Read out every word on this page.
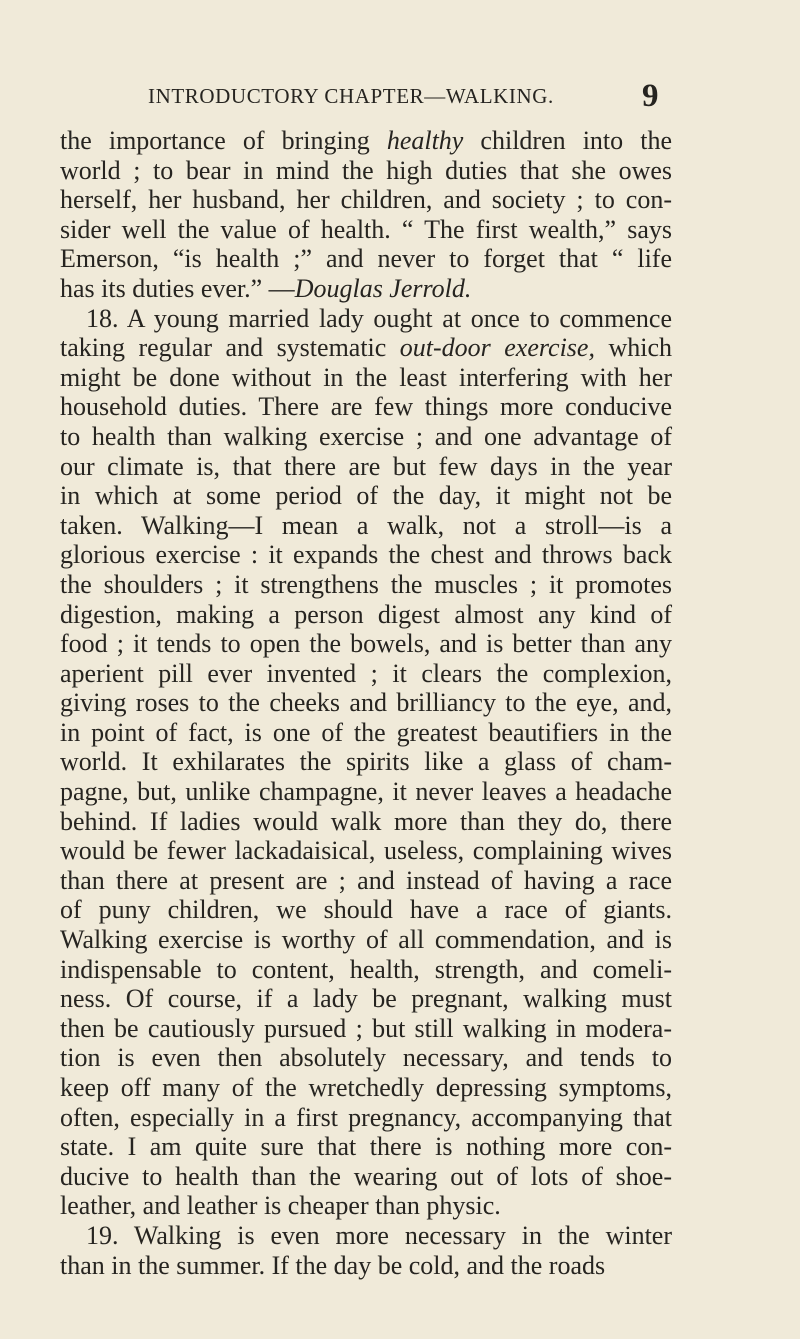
INTRODUCTORY CHAPTER—WALKING.	9
the importance of bringing healthy children into the
world ; to bear in mind the high duties that she owes
herself, her husband, her children, and society ; to con-
sider well the value of health. “ The first wealth,” says
Emerson, “is health ;” and never to forget that “ life
has its duties ever.” —Douglas Jerrold.
18. A young married lady ought at once to commence
taking regular and systematic out-door exercise, which
might be done without in the least interfering with her
household duties. There are few things more conducive
to health than walking exercise ; and one advantage of
our climate is, that there are but few days in the year
in which at some period of the day, it might not be
taken. Walking—I mean a walk, not a stroll—is a
glorious exercise : it expands the chest and throws back
the shoulders ; it strengthens the muscles ; it promotes
digestion, making a person digest almost any kind of
food ; it tends to open the bowels, and is better than any
aperient pill ever invented ; it clears the complexion,
giving roses to the cheeks and brilliancy to the eye, and,
in point of fact, is one of the greatest beautifiers in the
world. It exhilarates the spirits like a glass of cham-
pagne, but, unlike champagne, it never leaves a headache
behind. If ladies would walk more than they do, there
would be fewer lackadaisical, useless, complaining wives
than there at present are ; and instead of having a race
of puny children, we should have a race of giants.
Walking exercise is worthy of all commendation, and is
indispensable to content, health, strength, and comeli-
ness. Of course, if a lady be pregnant, walking must
then be cautiously pursued ; but still walking in modera-
tion is even then absolutely necessary, and tends to
keep off many of the wretchedly depressing symptoms,
often, especially in a first pregnancy, accompanying that
state. I am quite sure that there is nothing more con-
ducive to health than the wearing out of lots of shoe-
leather, and leather is cheaper than physic.
19. Walking is even more necessary in the winter
than in the summer. If the day be cold, and the roads
